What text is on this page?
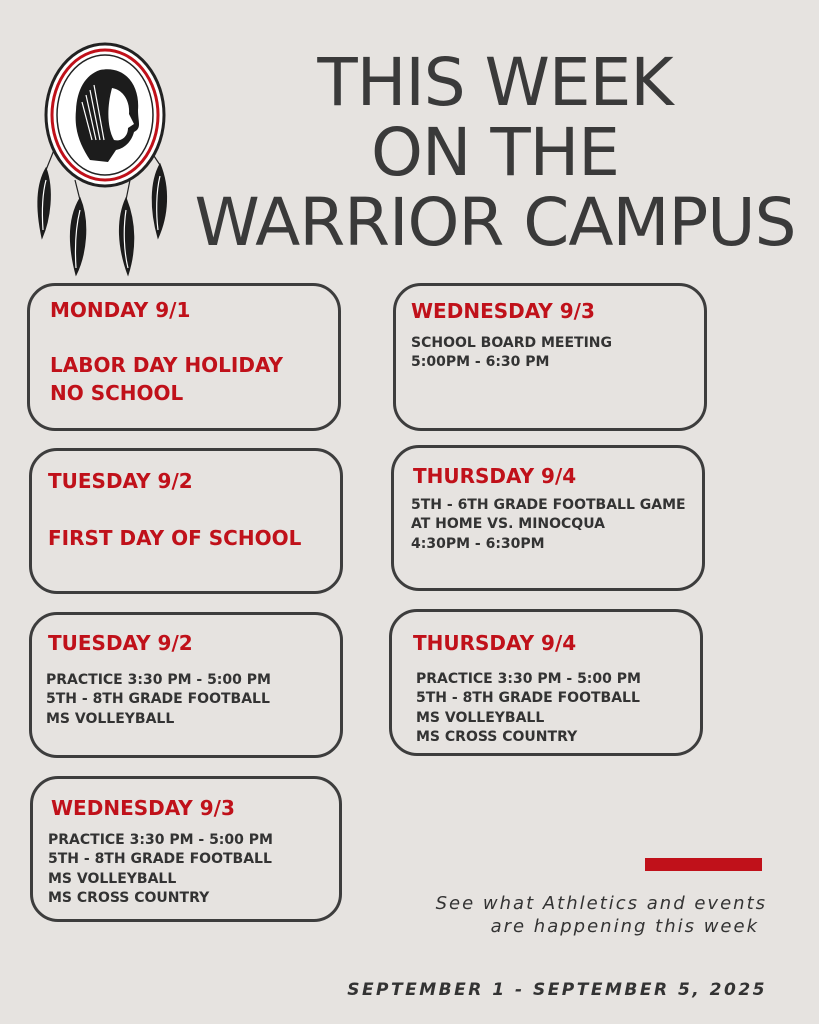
THIS WEEK
ON THE
WARRIOR CAMPUS
MONDAY 9/1
LABOR DAY HOLIDAY
NO SCHOOL
WEDNESDAY 9/3
SCHOOL BOARD MEETING
5:00PM - 6:30 PM
TUESDAY 9/2
FIRST DAY OF SCHOOL
THURSDAY 9/4
5TH - 6TH GRADE FOOTBALL GAME
AT HOME VS. MINOCQUA
4:30PM - 6:30PM
TUESDAY 9/2
PRACTICE 3:30 PM - 5:00 PM
5TH - 8TH GRADE FOOTBALL
MS VOLLEYBALL
THURSDAY 9/4
PRACTICE 3:30 PM - 5:00 PM
5TH - 8TH GRADE FOOTBALL
MS VOLLEYBALL
MS CROSS COUNTRY
WEDNESDAY 9/3
PRACTICE 3:30 PM - 5:00 PM
5TH - 8TH GRADE FOOTBALL
MS VOLLEYBALL
MS CROSS COUNTRY	See what Athletics and events
are happening this week
SEPTEMBER 1 - SEPTEMBER 5, 2025
